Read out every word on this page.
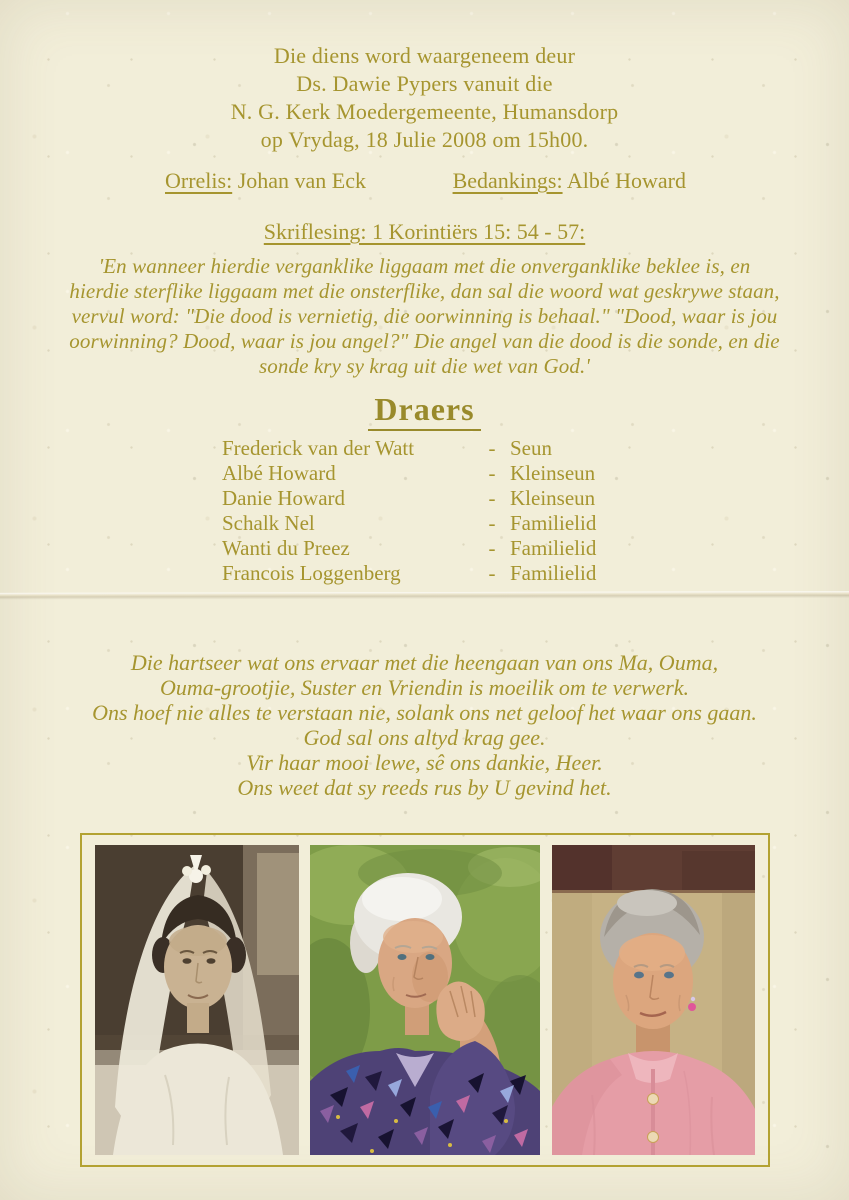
Die diens word waargeneem deur
Ds. Dawie Pypers vanuit die
N. G. Kerk Moedergemeente, Humansdorp
op Vrydag, 18 Julie 2008 om 15h00.
Orrelis: Johan van Eck	Bedankings: Albé Howard
Skriflesing: 1 Korintiërs 15: 54 - 57:
'En wanneer hierdie verganklike liggaam met die onverganklike beklee is, en
hierdie sterflike liggaam met die onsterflike, dan sal die woord wat geskrywe staan,
vervul word: "Die dood is vernietig, die oorwinning is behaal." "Dood, waar is jou
oorwinning? Dood, waar is jou angel?" Die angel van die dood is die sonde, en die
sonde kry sy krag uit die wet van God.'
Draers
Frederick van der Watt	- Seun
Albé Howard	- Kleinseun
Danie Howard	- Kleinseun
Schalk Nel	- Familielid
Wanti du Preez	- Familielid
Francois Loggenberg	- Familielid
Die hartseer wat ons ervaar met die heengaan van ons Ma, Ouma,
Ouma-grootjie, Suster en Vriendin is moeilik om te verwerk.
Ons hoef nie alles te verstaan nie, solank ons net geloof het waar ons gaan.
God sal ons altyd krag gee.
Vir haar mooi lewe, sê ons dankie, Heer.
Ons weet dat sy reeds rus by U gevind het.
